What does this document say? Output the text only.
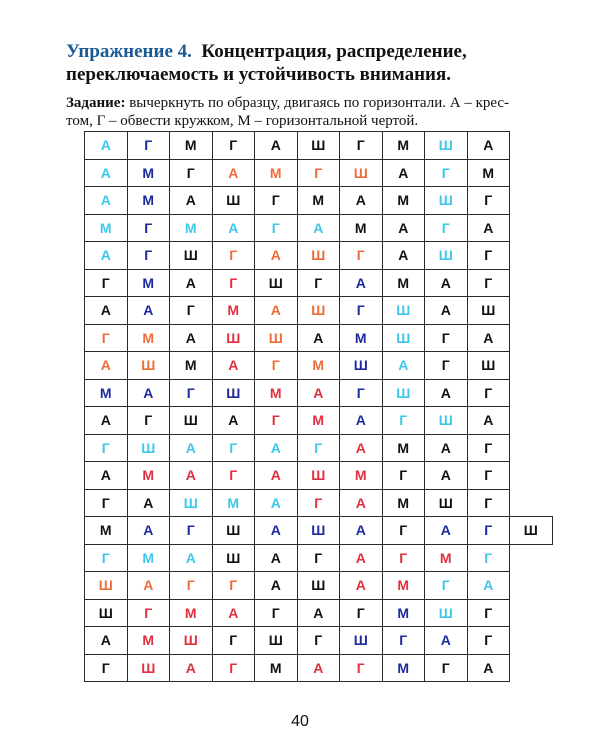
Упражнение 4. Концентрация, распределение,
переключаемость и устойчивость внимания.
Задание: вычеркнуть по образцу, двигаясь по горизонтали. А – крес-
том, Г – обвести кружком, М – горизонтальной чертой.
А	Г	М	Г	А	Ш	Г	М	Ш	А	
А	М	Г	А	М	Г	Ш	А	Г	М	
А	М	А	Ш	Г	М	А	М	Ш	Г	
М	Г	М	А	Г	А	М	А	Г	А	
А	Г	Ш	Г	А	Ш	Г	А	Ш	Г	
Г	М	А	Г	Ш	Г	А	М	А	Г	
А	А	Г	М	А	Ш	Г	Ш	А	Ш	
Г	М	А	Ш	Ш	А	М	Ш	Г	А	
А	Ш	М	А	Г	М	Ш	А	Г	Ш	
М	А	Г	Ш	М	А	Г	Ш	А	Г	
А	Г	Ш	А	Г	М	А	Г	Ш	А	
Г	Ш	А	Г	А	Г	А	М	А	Г	
А	М	А	Г	А	Ш	М	Г	А	Г	
Г	А	Ш	М	А	Г	А	М	Ш	Г	
М	А	Г	Ш	А	Ш	А	Г	А	Г	Ш
Г	М	А	Ш	А	Г	А	Г	М	Г	
Ш	А	Г	Г	А	Ш	А	М	Г	А	
Ш	Г	М	А	Г	А	Г	М	Ш	Г	
А	М	Ш	Г	Ш	Г	Ш	Г	А	Г	
Г	Ш	А	Г	М	А	Г	М	Г	А	
40
